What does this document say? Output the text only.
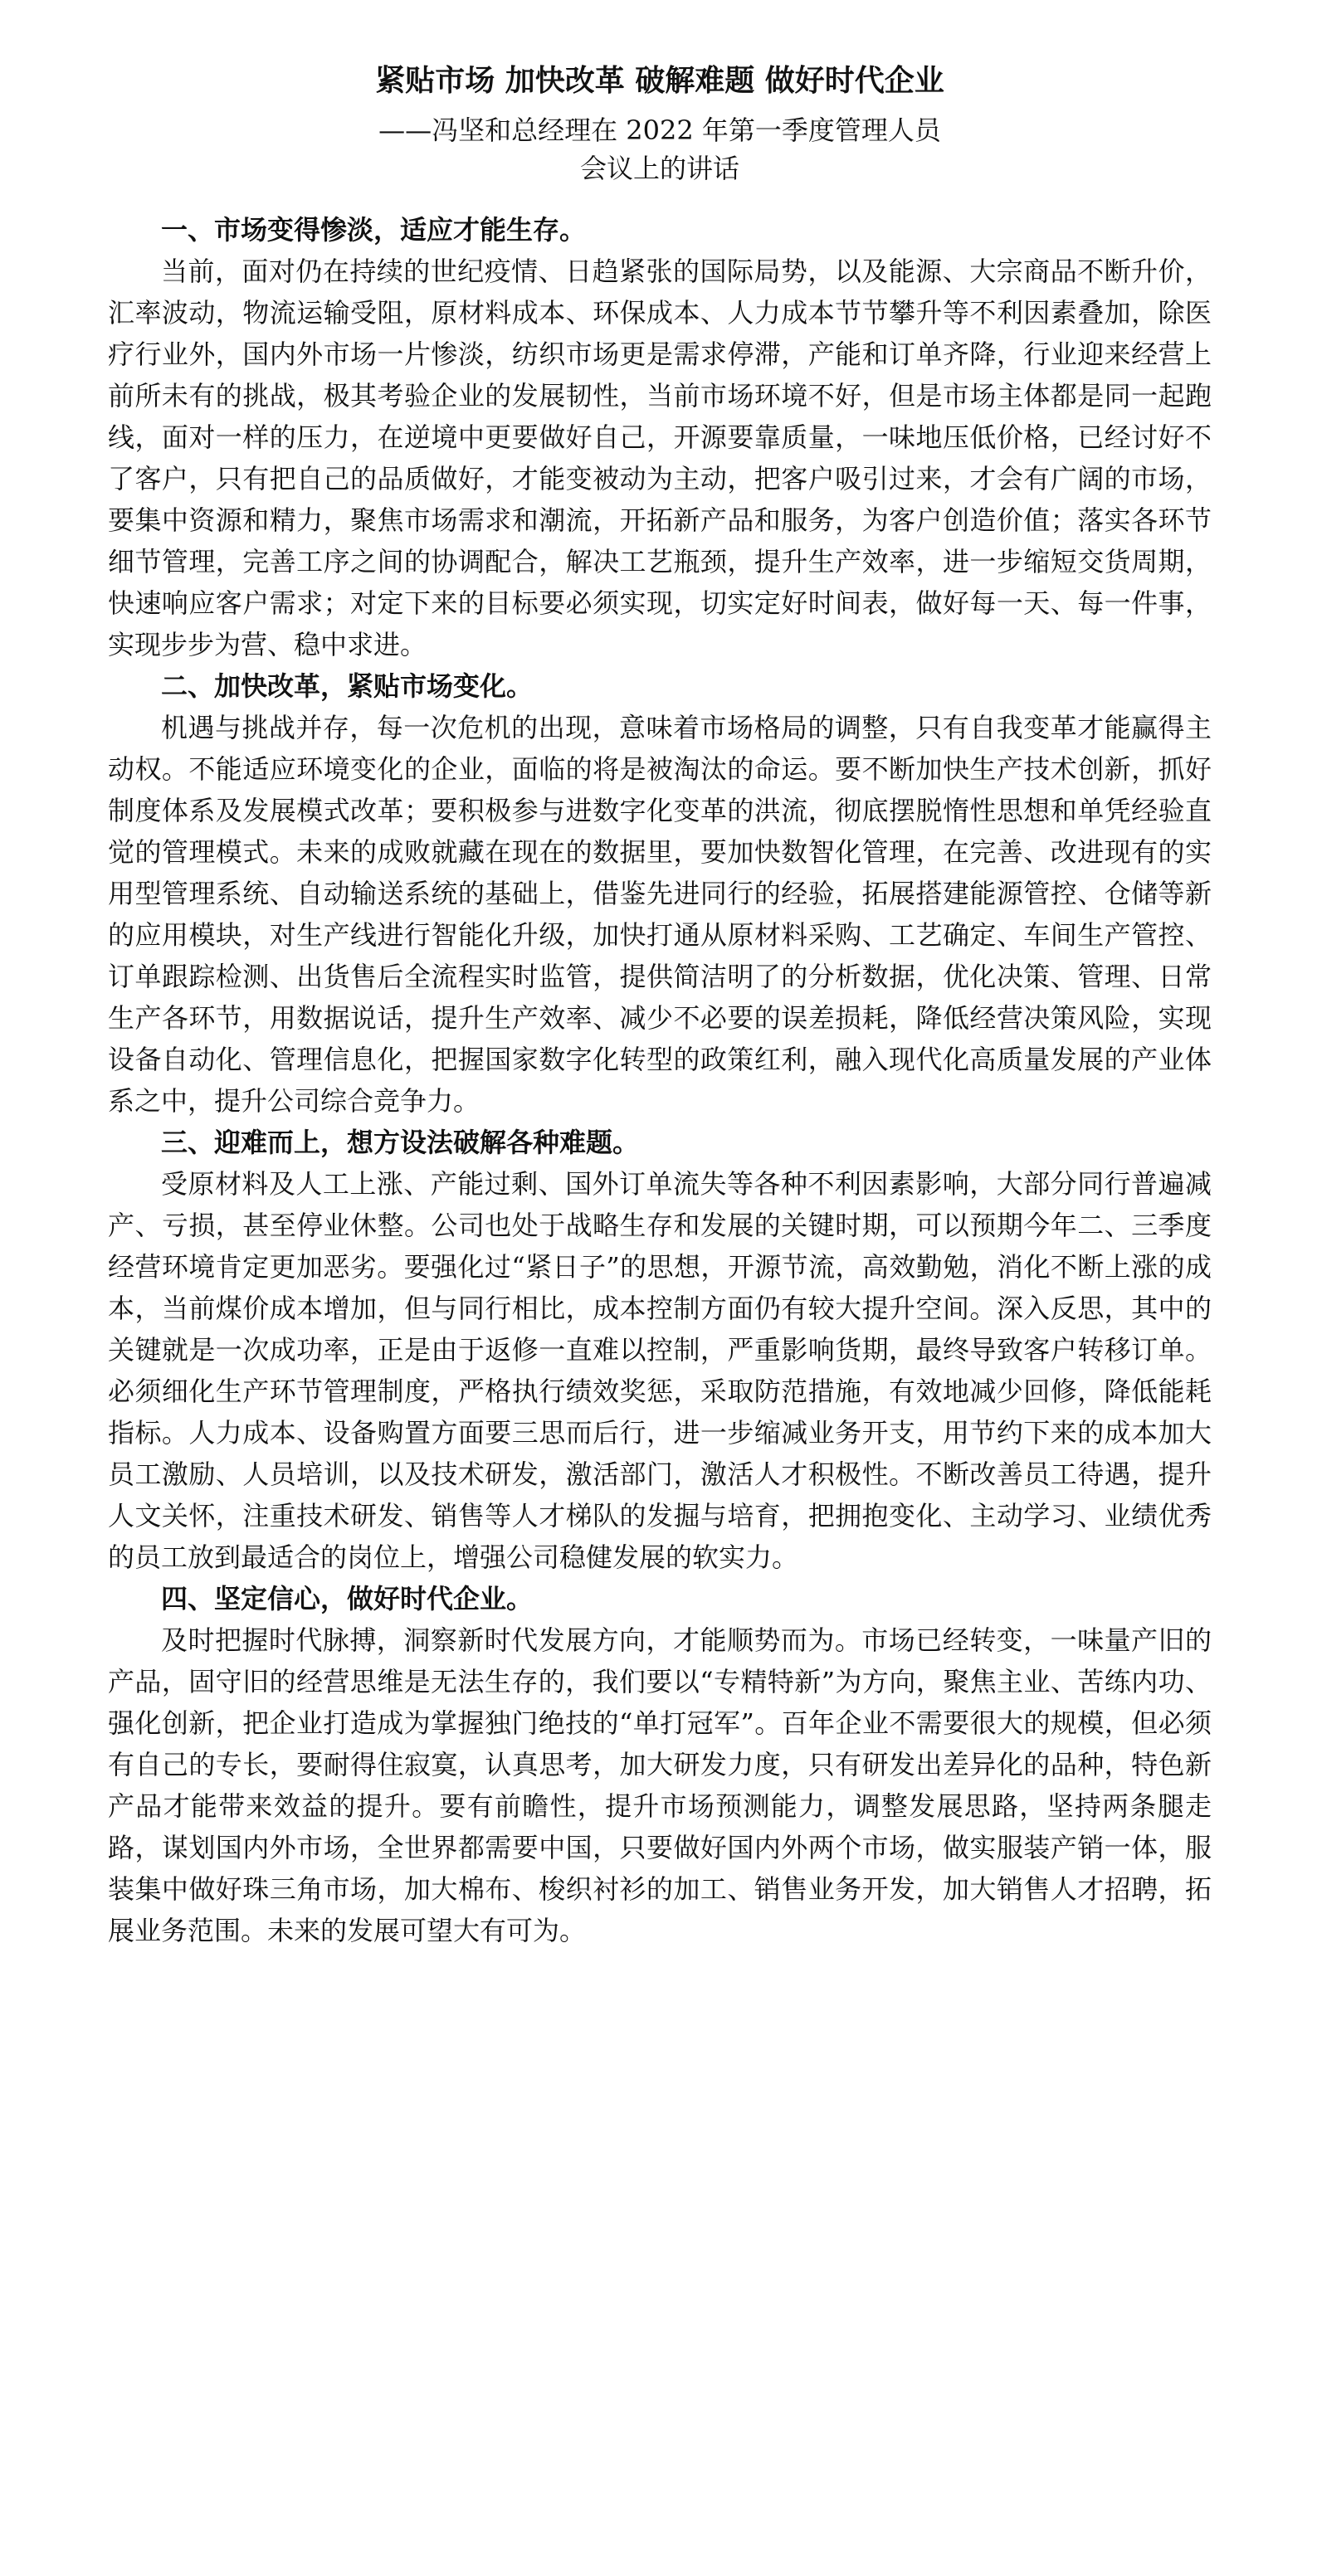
紧贴市场 加快改革 破解难题 做好时代企业

——冯坚和总经理在 2022 年第一季度管理人员

会议上的讲话

一、市场变得惨淡，适应才能生存。

当前，面对仍在持续的世纪疫情、日趋紧张的国际局势，以及能源、大宗商品不断升价，汇率波动，物流运输受阻，原材料成本、环保成本、人力成本节节攀升等不利因素叠加，除医疗行业外，国内外市场一片惨淡，纺织市场更是需求停滞，产能和订单齐降，行业迎来经营上前所未有的挑战，极其考验企业的发展韧性，当前市场环境不好，但是市场主体都是同一起跑线，面对一样的压力，在逆境中更要做好自己，开源要靠质量，一味地压低价格，已经讨好不了客户，只有把自己的品质做好，才能变被动为主动，把客户吸引过来，才会有广阔的市场，要集中资源和精力，聚焦市场需求和潮流，开拓新产品和服务，为客户创造价值；落实各环节细节管理，完善工序之间的协调配合，解决工艺瓶颈，提升生产效率，进一步缩短交货周期，快速响应客户需求；对定下来的目标要必须实现，切实定好时间表，做好每一天、每一件事，实现步步为营、稳中求进。

二、加快改革，紧贴市场变化。

机遇与挑战并存，每一次危机的出现，意味着市场格局的调整，只有自我变革才能赢得主动权。不能适应环境变化的企业，面临的将是被淘汰的命运。要不断加快生产技术创新，抓好制度体系及发展模式改革；要积极参与进数字化变革的洪流，彻底摆脱惰性思想和单凭经验直觉的管理模式。未来的成败就藏在现在的数据里，要加快数智化管理，在完善、改进现有的实用型管理系统、自动输送系统的基础上，借鉴先进同行的经验，拓展搭建能源管控、仓储等新的应用模块，对生产线进行智能化升级，加快打通从原材料采购、工艺确定、车间生产管控、订单跟踪检测、出货售后全流程实时监管，提供简洁明了的分析数据，优化决策、管理、日常生产各环节，用数据说话，提升生产效率、减少不必要的误差损耗，降低经营决策风险，实现设备自动化、管理信息化，把握国家数字化转型的政策红利，融入现代化高质量发展的产业体系之中，提升公司综合竞争力。

三、迎难而上，想方设法破解各种难题。

受原材料及人工上涨、产能过剩、国外订单流失等各种不利因素影响，大部分同行普遍减产、亏损，甚至停业休整。公司也处于战略生存和发展的关键时期，可以预期今年二、三季度经营环境肯定更加恶劣。要强化过“紧日子”的思想，开源节流，高效勤勉，消化不断上涨的成本，当前煤价成本增加，但与同行相比，成本控制方面仍有较大提升空间。深入反思，其中的关键就是一次成功率，正是由于返修一直难以控制，严重影响货期，最终导致客户转移订单。必须细化生产环节管理制度，严格执行绩效奖惩，采取防范措施，有效地减少回修，降低能耗指标。人力成本、设备购置方面要三思而后行，进一步缩减业务开支，用节约下来的成本加大员工激励、人员培训，以及技术研发，激活部门，激活人才积极性。不断改善员工待遇，提升人文关怀，注重技术研发、销售等人才梯队的发掘与培育，把拥抱变化、主动学习、业绩优秀的员工放到最适合的岗位上，增强公司稳健发展的软实力。

四、坚定信心，做好时代企业。

及时把握时代脉搏，洞察新时代发展方向，才能顺势而为。市场已经转变，一味量产旧的产品，固守旧的经营思维是无法生存的，我们要以“专精特新”为方向，聚焦主业、苦练内功、强化创新，把企业打造成为掌握独门绝技的“单打冠军”。百年企业不需要很大的规模，但必须有自己的专长，要耐得住寂寞，认真思考，加大研发力度，只有研发出差异化的品种，特色新产品才能带来效益的提升。要有前瞻性，提升市场预测能力，调整发展思路，坚持两条腿走路，谋划国内外市场，全世界都需要中国，只要做好国内外两个市场，做实服装产销一体，服装集中做好珠三角市场，加大棉布、梭织衬衫的加工、销售业务开发，加大销售人才招聘，拓展业务范围。未来的发展可望大有可为。
